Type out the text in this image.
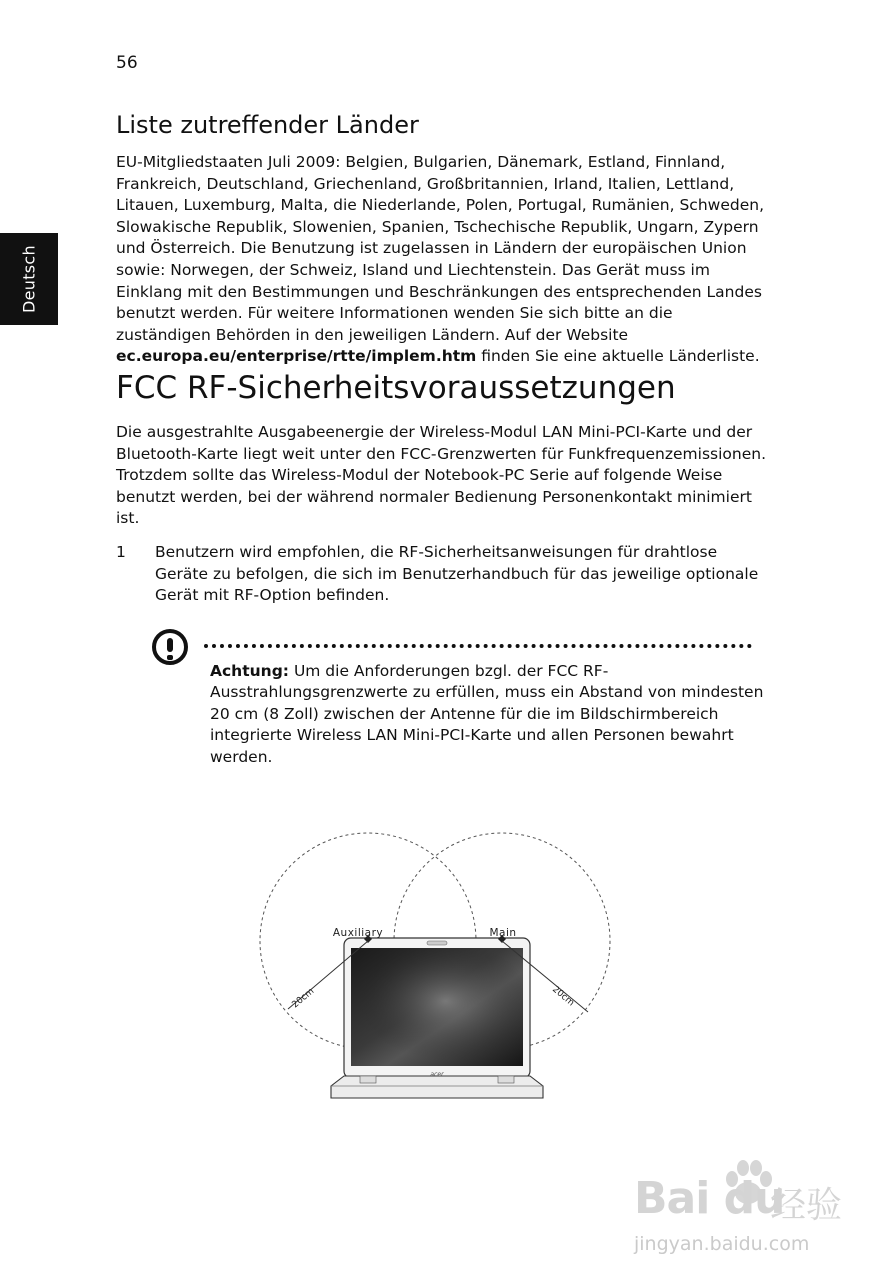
56
Deutsch
Liste zutreffender Länder

EU-Mitgliedstaaten Juli 2009: Belgien, Bulgarien, Dänemark, Estland, Finnland, Frankreich, Deutschland, Griechenland, Großbritannien, Irland, Italien, Lettland, Litauen, Luxemburg, Malta, die Niederlande, Polen, Portugal, Rumänien, Schweden, Slowakische Republik, Slowenien, Spanien, Tschechische Republik, Ungarn, Zypern und Österreich. Die Benutzung ist zugelassen in Ländern der europäischen Union sowie: Norwegen, der Schweiz, Island und Liechtenstein. Das Gerät muss im Einklang mit den Bestimmungen und Beschränkungen des entsprechenden Landes benutzt werden. Für weitere Informationen wenden Sie sich bitte an die zuständigen Behörden in den jeweiligen Ländern. Auf der Website ec.europa.eu/enterprise/rtte/implem.htm finden Sie eine aktuelle Länderliste.

FCC RF-Sicherheitsvoraussetzungen

Die ausgestrahlte Ausgabeenergie der Wireless-Modul LAN Mini-PCI-Karte und der Bluetooth-Karte liegt weit unter den FCC-Grenzwerten für Funkfrequenzemissionen. Trotzdem sollte das Wireless-Modul der Notebook-PC Serie auf folgende Weise benutzt werden, bei der während normaler Bedienung Personenkontakt minimiert ist.

1	Benutzern wird empfohlen, die RF-Sicherheitsanweisungen für drahtlose Geräte zu befolgen, die sich im Benutzerhandbuch für das jeweilige optionale Gerät mit RF-Option befinden.
Achtung: Um die Anforderungen bzgl. der FCC RF-Ausstrahlungsgrenzwerte zu erfüllen, muss ein Abstand von mindesten 20 cm (8 Zoll) zwischen der Antenne für die im Bildschirmbereich integrierte Wireless LAN Mini-PCI-Karte und allen Personen bewahrt werden.
acer
Auxiliary	Main
20cm	20cm
Bai du
经验
jingyan.baidu.com
